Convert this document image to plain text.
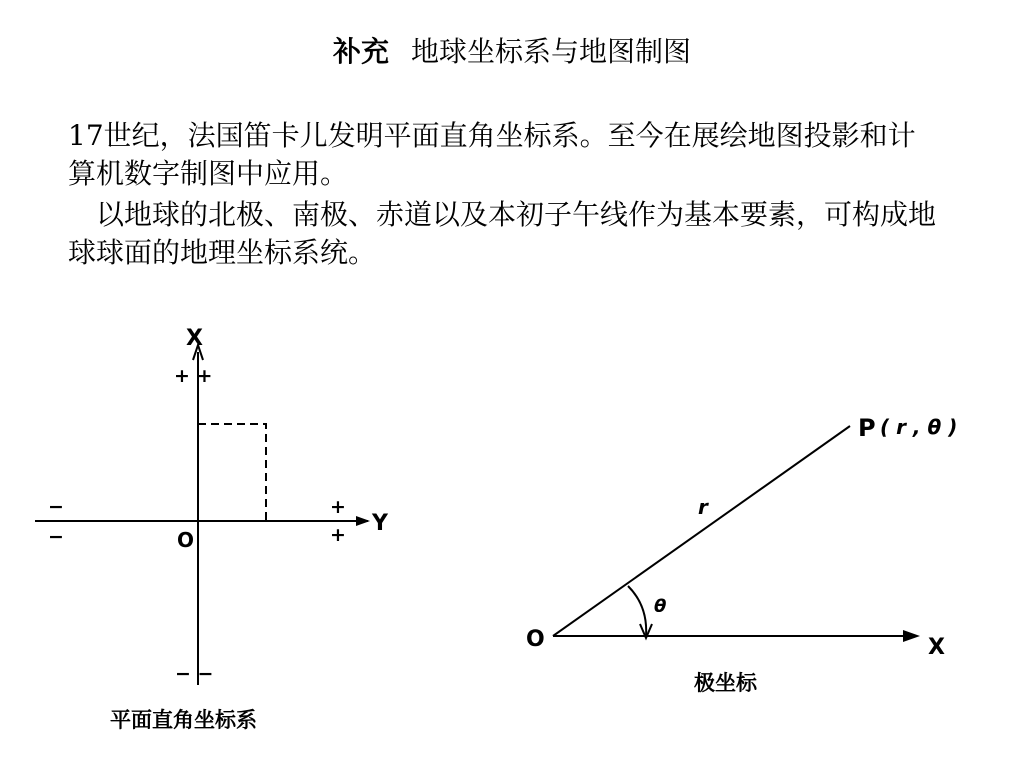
补充 地球坐标系与地图制图

17世纪，法国笛卡儿发明平面直角坐标系。至今在展绘地图投影和计算机数字制图中应用。

以地球的北极、南极、赤道以及本初子午线作为基本要素，可构成地球球面的地理坐标系统。

X
Y
O
+ +
− −
+
+
−
−
平面直角坐标系
O	X
P ( r , θ )
r
θ
极坐标
